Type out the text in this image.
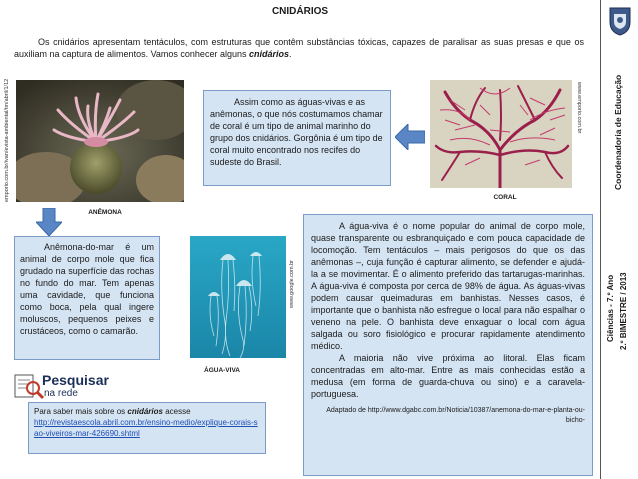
CNIDÁRIOS
Os cnidários apresentam tentáculos, com estruturas que contêm substâncias tóxicas, capazes de paralisar as suas presas e que os auxiliam na captura de alimentos. Vamos conhecer alguns cnidários.
emporio.com.br/ivan/evista-ambiental/tm/abril/1/12
ANÊMONA
Assim como as águas-vivas e as anêmonas, o que nós costumamos chamar de coral é um tipo de animal marinho do grupo dos cnidários. Gorgônia é um tipo de coral muito encontrado nos recifes do sudeste do Brasil.
www.emporio.com.br
CORAL
Anêmona-do-mar é um animal de corpo mole que fica grudado na superfície das rochas no fundo do mar. Tem apenas uma cavidade, que funciona como boca, pela qual ingere moluscos, pequenos peixes e crustáceos, como o camarão.
www.google.com.br
ÁGUA-VIVA

A água-viva é o nome popular do animal de corpo mole, quase transparente ou esbranquiçado e com pouca capacidade de locomoção. Tem tentáculos – mais perigosos do que os das anêmonas –, cuja função é capturar alimento, se defender e ajudá-la a se movimentar. É o alimento preferido das tartarugas-marinhas. A água-viva é composta por cerca de 98% de água. As águas-vivas podem causar queimaduras em banhistas. Nesses casos, é importante que o banhista não esfregue o local para não espalhar o veneno na pele. O banhista deve enxaguar o local com água salgada ou soro fisiológico e procurar rapidamente atendimento médico.

A maioria não vive próxima ao litoral. Elas ficam concentradas em alto-mar. Entre as mais conhecidas estão a medusa (em forma de guarda-chuva ou sino) e a caravela-portuguesa.

Adaptado de http://www.dgabc.com.br/Noticia/10387/anemona-do-mar-e-planta-ou-bicho-

Pesquisar
na rede
Para saber mais sobre os cnidários acesse
http://revistaescola.abril.com.br/ensino-medio/explique-corais-sao-viveiros-mar-426690.shtml
Coordenadoria de Educação
Ciências - 7.º Ano 2.º BIMESTRE / 2013
